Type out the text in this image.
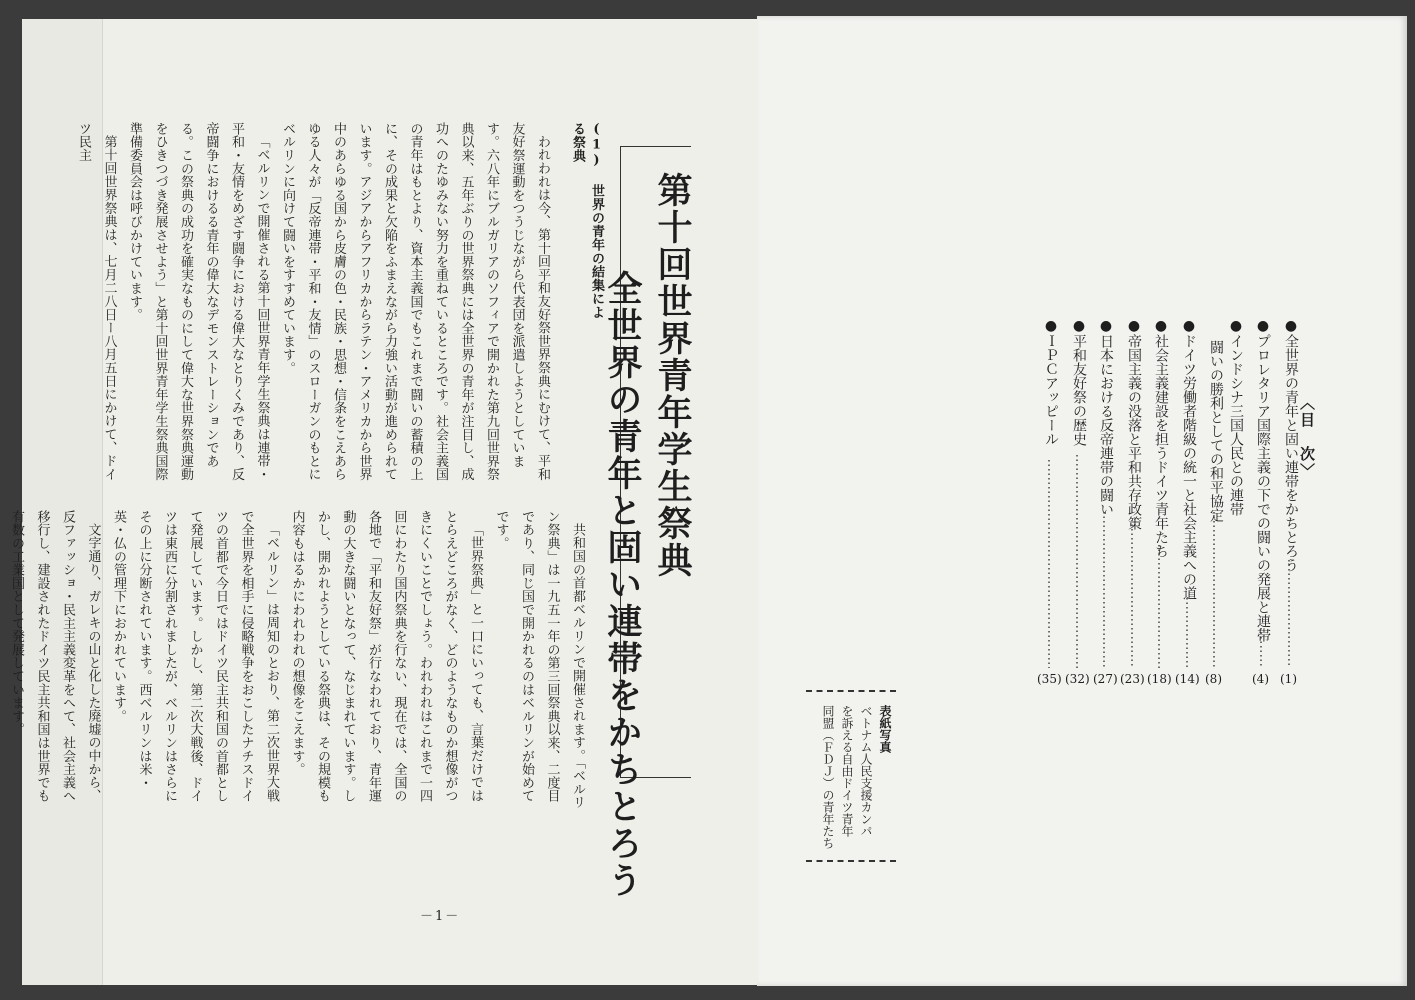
(1) 世界の青年の結集による祭典

われわれは今、第十回平和友好祭世界祭典にむけて、平和友好祭運動をつうじながら代表団を派遣しようとしています。六八年にブルガリアのソフィアで開かれた第九回世界祭典以来、五年ぶりの世界祭典には全世界の青年が注目し、成功へのたゆみない努力を重ねているところです。社会主義国の青年はもとより、資本主義国でもこれまで闘いの蓄積の上に、その成果と欠陥をふまえながら力強い活動が進められています。アジアからアフリカからラテン・アメリカから世界中のあらゆる国から皮膚の色・民族・思想・信条をこえあらゆる人々が「反帝連帯・平和・友情」のスローガンのもとにベルリンに向けて闘いをすすめています。

「ベルリンで開催される第十回世界青年学生祭典は連帯・平和・友情をめざす闘争における偉大なとりくみであり、反帝闘争におけるる青年の偉大なデモンストレーションである。この祭典の成功を確実なものにして偉大な世界祭典運動をひきつづき発展させよう」と第十回世界青年学生祭典国際準備委員会は呼びかけています。

第十回世界祭典は、七月二八日ー八月五日にかけて、ドイツ民主

第十回世界青年学生祭典
全世界の青年と固い連帯をかちとろう

共和国の首都ベルリンで開催されます。「ベルリン祭典」は一九五一年の第三回祭典以来、二度目であり、同じ国で開かれるのはベルリンが始めてです。

「世界祭典」と一口にいっても、言葉だけではとらえどころがなく、どのようなものか想像がつきにくいことでしょう。われわれはこれまで一四回にわたり国内祭典を行ない、現在では、全国の各地で「平和友好祭」が行なわれており、青年運動の大きな闘いとなって、なじまれています。しかし、開かれようとしている祭典は、その規模も内容もはるかにわれわれの想像をこえます。

「ベルリン」は周知のとおり、第二次世界大戦で全世界を相手に侵略戦争をおこしたナチスドイツの首都で今日ではドイツ民主共和国の首都として発展しています。しかし、第二次大戦後、ドイツは東西に分割されましたが、ベルリンはさらにその上に分断されています。西ベルリンは米・英・仏の管理下におかれています。

文字通り、ガレキの山と化した廃墟の中から、反ファッショ・民主主義変革をへて、社会主義へ移行し、建設されたドイツ民主共和国は世界でも有数の工業国として発展しています。

－1－
〈目　次〉
●全世界の青年と固い連帯をかちとろう
(1)
●プロレタリア国際主義の下での闘いの発展と連帯
(4)
●インドシナ三国人民との連帯
闘いの勝利としての和平協定
(8)
●ドイツ労働者階級の統一と社会主義への道
(14)
●社会主義建設を担うドイツ青年たち
(18)
●帝国主義の没落と平和共存政策
(23)
●日本における反帝連帯の闘い
(27)
●平和友好祭の歴史
(32)
●ＩＰＣアッピール
(35)
表紙写真
ベトナム人民支援カンパ
を訴える自由ドイツ青年
同盟（ＦＤＪ）の青年たち
